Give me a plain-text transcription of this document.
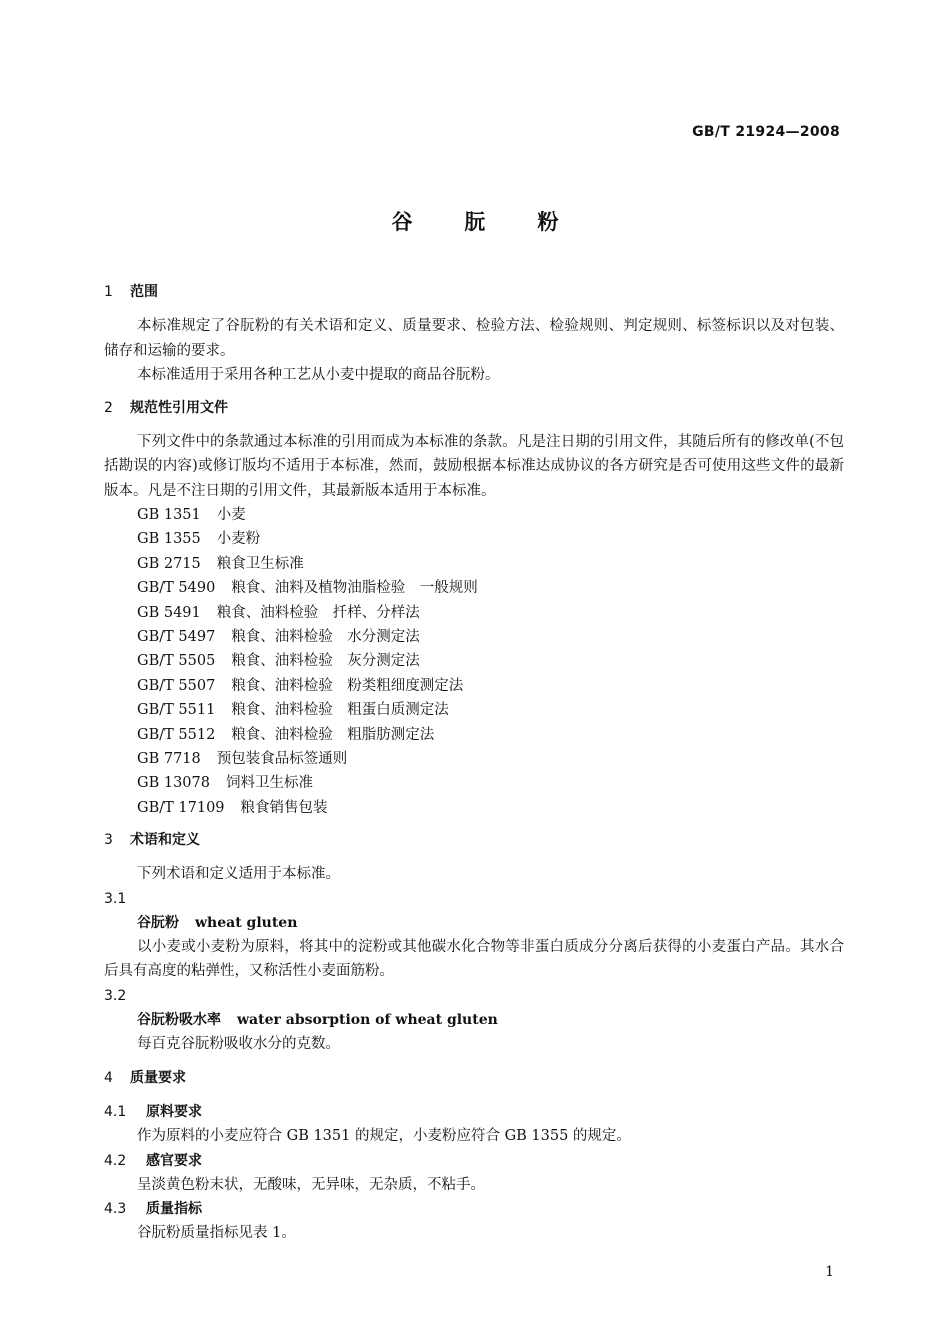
GB/T 21924—2008
谷朊粉
1 范围
本标准规定了谷朊粉的有关术语和定义、质量要求、检验方法、检验规则、判定规则、标签标识以及对包装、储存和运输的要求。
本标准适用于采用各种工艺从小麦中提取的商品谷朊粉。
2 规范性引用文件
下列文件中的条款通过本标准的引用而成为本标准的条款。凡是注日期的引用文件，其随后所有的修改单(不包括勘误的内容)或修订版均不适用于本标准，然而，鼓励根据本标准达成协议的各方研究是否可使用这些文件的最新版本。凡是不注日期的引用文件，其最新版本适用于本标准。
GB 1351 小麦
GB 1355 小麦粉
GB 2715 粮食卫生标准
GB/T 5490 粮食、油料及植物油脂检验　一般规则
GB 5491 粮食、油料检验　扦样、分样法
GB/T 5497 粮食、油料检验　水分测定法
GB/T 5505 粮食、油料检验　灰分测定法
GB/T 5507 粮食、油料检验　粉类粗细度测定法
GB/T 5511 粮食、油料检验　粗蛋白质测定法
GB/T 5512 粮食、油料检验　粗脂肪测定法
GB 7718 预包装食品标签通则
GB 13078 饲料卫生标准
GB/T 17109 粮食销售包装
3 术语和定义
下列术语和定义适用于本标准。
3.1
谷朊粉 wheat gluten
以小麦或小麦粉为原料，将其中的淀粉或其他碳水化合物等非蛋白质成分分离后获得的小麦蛋白产品。其水合后具有高度的粘弹性，又称活性小麦面筋粉。
3.2
谷朊粉吸水率 water absorption of wheat gluten
每百克谷朊粉吸收水分的克数。
4 质量要求
4.1 原料要求
作为原料的小麦应符合 GB 1351 的规定，小麦粉应符合 GB 1355 的规定。
4.2 感官要求
呈淡黄色粉末状，无酸味，无异味，无杂质，不粘手。
4.3 质量指标
谷朊粉质量指标见表 1。
1
